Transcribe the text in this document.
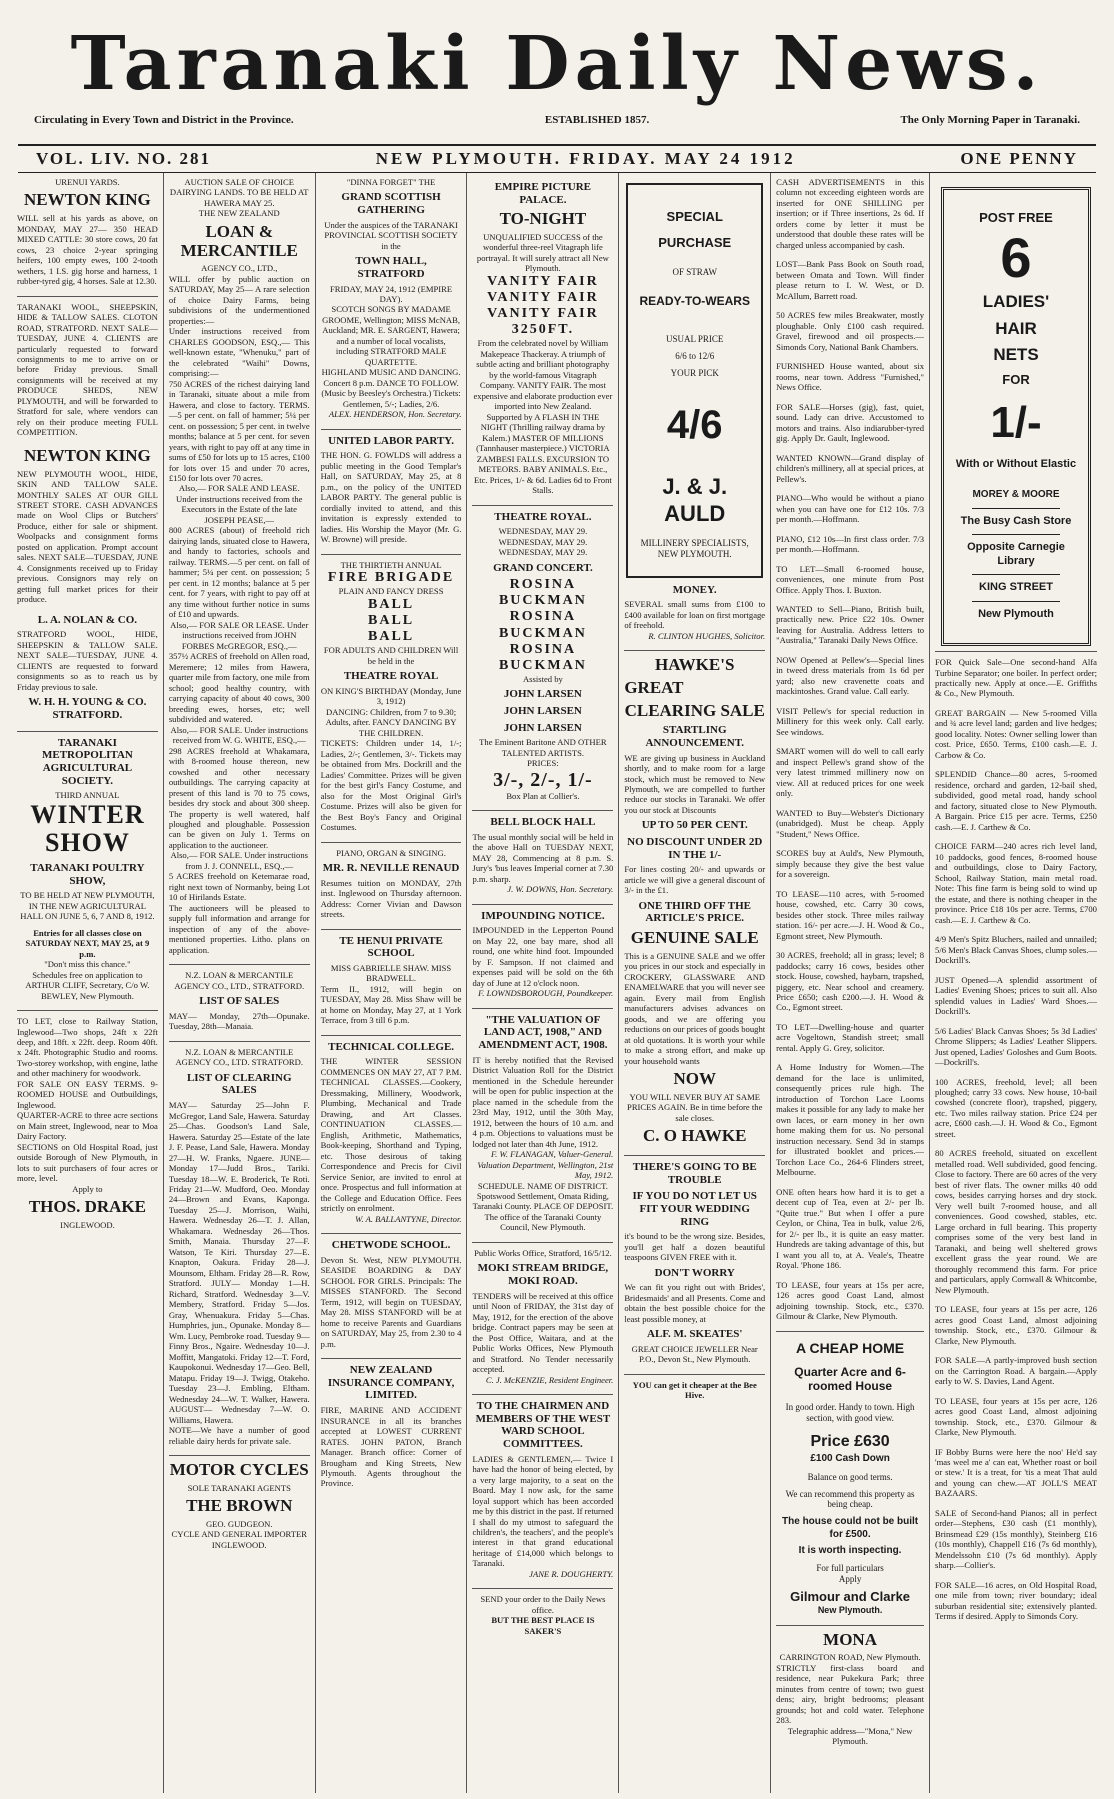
Taranaki Daily News.
Circulating in Every Town and District in the Province.	ESTABLISHED 1857.	The Only Morning Paper in Taranaki.
VOL. LIV. NO. 281	NEW PLYMOUTH. FRIDAY. MAY 24 1912	ONE PENNY
URENUI YARDS.
NEWTON KING

WILL sell at his yards as above, on MONDAY, MAY 27— 350 HEAD MIXED CATTLE: 30 store cows, 20 fat cows, 23 choice 2-year springing heifers, 100 empty ewes, 100 2-tooth wethers, 1 I.S. gig horse and harness, 1 rubber-tyred gig, 4 horses. Sale at 12.30.

TARANAKI WOOL, SHEEPSKIN, HIDE & TALLOW SALES. CLOTON ROAD, STRATFORD. NEXT SALE—TUESDAY, JUNE 4. CLIENTS are particularly requested to forward consignments to me to arrive on or before Friday previous. Small consignments will be received at my PRODUCE SHEDS, NEW PLYMOUTH, and will be forwarded to Stratford for sale, where vendors can rely on their produce meeting FULL COMPETITION.

NEWTON KING

NEW PLYMOUTH WOOL, HIDE, SKIN AND TALLOW SALE. MONTHLY SALES AT OUR GILL STREET STORE. CASH ADVANCES made on Wool Clips or Butchers' Produce, either for sale or shipment. Woolpacks and consignment forms posted on application. Prompt account sales. NEXT SALE—TUESDAY, JUNE 4. Consignments received up to Friday previous. Consignors may rely on getting full market prices for their produce.

L. A. NOLAN & CO.

STRATFORD WOOL, HIDE, SHEEPSKIN & TALLOW SALE. NEXT SALE—TUESDAY, JUNE 4. CLIENTS are requested to forward consignments so as to reach us by Friday previous to sale.

W. H. H. YOUNG & CO. STRATFORD.
TARANAKI METROPOLITAN AGRICULTURAL SOCIETY.
THIRD ANNUAL
WINTER SHOW
TARANAKI POULTRY SHOW,
TO BE HELD AT NEW PLYMOUTH, IN THE NEW AGRICULTURAL HALL ON JUNE 5, 6, 7 AND 8, 1912.
Entries for all classes close on SATURDAY NEXT, MAY 25, at 9 p.m.
"Don't miss this chance."
Schedules free on application to ARTHUR CLIFF, Secretary, C/o W. BEWLEY, New Plymouth.

TO LET, close to Railway Station, Inglewood—Two shops, 24ft x 22ft deep, and 18ft. x 22ft. deep. Room 40ft. x 24ft. Photographic Studio and rooms. Two-storey workshop, with engine, lathe and other machinery for woodwork.

FOR SALE ON EASY TERMS. 9-ROOMED HOUSE and Outbuildings, Inglewood.

QUARTER-ACRE to three acre sections on Main street, Inglewood, near to Moa Dairy Factory.

SECTIONS on Old Hospital Road, just outside Borough of New Plymouth, in lots to suit purchasers of four acres or more, level.

Apply to
THOS. DRAKE
INGLEWOOD.
AUCTION SALE OF CHOICE DAIRYING LANDS. TO BE HELD AT HAWERA MAY 25.
THE NEW ZEALAND
LOAN & MERCANTILE
AGENCY CO., LTD.,

WILL offer by public auction on SATURDAY, May 25— A rare selection of choice Dairy Farms, being subdivisions of the undermentioned properties:—

Under instructions received from CHARLES GOODSON, ESQ.,— This well-known estate, "Whenuku," part of the celebrated "Waihi" Downs, comprising:—

750 ACRES of the richest dairying land in Taranaki, situate about a mile from Hawera, and close to factory. TERMS.—5 per cent. on fall of hammer; 5¼ per cent. on possession; 5 per cent. in twelve months; balance at 5 per cent. for seven years, with right to pay off at any time in sums of £50 for lots up to 15 acres, £100 for lots over 15 and under 70 acres, £150 for lots over 70 acres.

Also,— FOR SALE AND LEASE. Under instructions received from the Executors in the Estate of the late JOSEPH PEASE,—

800 ACRES (about) of freehold rich dairying lands, situated close to Hawera, and handy to factories, schools and railway. TERMS.—5 per cent. on fall of hammer; 5¼ per cent. on possession; 5 per cent. in 12 months; balance at 5 per cent. for 7 years, with right to pay off at any time without further notice in sums of £10 and upwards.

Also,— FOR SALE OR LEASE. Under instructions received from JOHN FORBES McGREGOR, ESQ.,—

357½ ACRES of freehold on Allen road, Meremere; 12 miles from Hawera, quarter mile from factory, one mile from school; good healthy country, with carrying capacity of about 40 cows, 300 breeding ewes, horses, etc; well subdivided and watered.

Also,— FOR SALE. Under instructions received from W. G. WHITE, ESQ.,—

298 ACRES freehold at Whakamara, with 8-roomed house thereon, new cowshed and other necessary outbuildings. The carrying capacity at present of this land is 70 to 75 cows, besides dry stock and about 300 sheep. The property is well watered, half ploughed and ploughable. Possession can be given on July 1. Terms on application to the auctioneer.

Also,— FOR SALE. Under instructions from J. J. CONNELL, ESQ.,—

5 ACRES freehold on Ketemarae road, right next town of Normanby, being Lot 10 of Hirilands Estate.

The auctioneers will be pleased to supply full information and arrange for inspection of any of the above-mentioned properties. Litho. plans on application.

N.Z. LOAN & MERCANTILE AGENCY CO., LTD., STRATFORD.
LIST OF SALES

MAY— Monday, 27th—Opunake. Tuesday, 28th—Manaia.

N.Z. LOAN & MERCANTILE AGENCY CO., LTD. STRATFORD.
LIST OF CLEARING SALES

MAY— Saturday 25—John F. McGregor, Land Sale, Hawera. Saturday 25—Chas. Goodson's Land Sale, Hawera. Saturday 25—Estate of the late J. F. Pease, Land Sale, Hawera. Monday 27—H. W. Franks, Ngaere. JUNE— Monday 17—Judd Bros., Tariki. Tuesday 18—W. E. Broderick, Te Roti. Friday 21—W. Mudford, Oeo. Monday 24—Brown and Evans, Kaponga. Tuesday 25—J. Morrison, Waihi, Hawera. Wednesday 26—T. J. Allan, Whakamara. Wednesday 26—Thos. Smith, Manaia. Thursday 27—F. Watson, Te Kiri. Thursday 27—E. Knapton, Oakura. Friday 28—J. Mounsom, Eltham. Friday 28—R. Row, Stratford. JULY— Monday 1—H. Richard, Stratford. Wednesday 3—V. Membery, Stratford. Friday 5—Jos. Gray, Whenuakura. Friday 5—Chas. Humphries, jun., Opunake. Monday 8—Wm. Lucy, Pembroke road. Tuesday 9—Finny Bros., Ngaire. Wednesday 10—J. Moffitt, Mangatoki. Friday 12—T. Ford, Kaupokonui. Wednesday 17—Geo. Bell, Matapu. Friday 19—J. Twigg, Otakeho. Tuesday 23—J. Embling, Eltham. Wednesday 24—W. T. Walker, Hawera. AUGUST— Wednesday 7—W. O. Williams, Hawera.

NOTE—We have a number of good reliable dairy herds for private sale.

MOTOR CYCLES
SOLE TARANAKI AGENTS
THE BROWN
GEO. GUDGEON.
CYCLE AND GENERAL IMPORTER INGLEWOOD.
"DINNA FORGET" THE
GRAND SCOTTISH GATHERING
Under the auspices of the TARANAKI PROVINCIAL SCOTTISH SOCIETY in the
TOWN HALL, STRATFORD
FRIDAY, MAY 24, 1912 (EMPIRE DAY).

SCOTCH SONGS BY MADAME GROOME, Wellington; MISS McNAB, Auckland; MR. E. SARGENT, Hawera; and a number of local vocalists, including STRATFORD MALE QUARTETTE.

HIGHLAND MUSIC AND DANCING. Concert 8 p.m. DANCE TO FOLLOW. (Music by Beesley's Orchestra.) Tickets: Gentlemen, 5/-; Ladies, 2/6.

ALEX. HENDERSON, Hon. Secretary.

UNITED LABOR PARTY.

THE HON. G. FOWLDS will address a public meeting in the Good Templar's Hall, on SATURDAY, May 25, at 8 p.m., on the policy of the UNITED LABOR PARTY. The general public is cordially invited to attend, and this invitation is expressly extended to ladies. His Worship the Mayor (Mr. G. W. Browne) will preside.

THE THIRTIETH ANNUAL
FIRE BRIGADE
PLAIN AND FANCY DRESS
BALL
BALL
BALL
FOR ADULTS AND CHILDREN Will be held in the
THEATRE ROYAL
ON KING'S BIRTHDAY (Monday, June 3, 1912)

DANCING: Children, from 7 to 9.30; Adults, after. FANCY DANCING BY THE CHILDREN.

TICKETS: Children under 14, 1/-; Ladies, 2/-; Gentlemen, 3/-. Tickets may be obtained from Mrs. Dockrill and the Ladies' Committee. Prizes will be given for the best girl's Fancy Costume, and also for the Most Original Girl's Costume. Prizes will also be given for the Best Boy's Fancy and Original Costumes.

PIANO, ORGAN & SINGING.
MR. R. NEVILLE RENAUD

Resumes tuition on MONDAY, 27th inst. Inglewood on Thursday afternoon. Address: Corner Vivian and Dawson streets.

TE HENUI PRIVATE SCHOOL
MISS GABRIELLE SHAW. MISS BRADWELL.

Term II., 1912, will begin on TUESDAY, May 28. Miss Shaw will be at home on Monday, May 27, at 1 York Terrace, from 3 till 6 p.m.

TECHNICAL COLLEGE.

THE WINTER SESSION COMMENCES ON MAY 27, AT 7 P.M. TECHNICAL CLASSES.—Cookery, Dressmaking, Millinery, Woodwork, Plumbing, Mechanical and Trade Drawing, and Art Classes. CONTINUATION CLASSES.—English, Arithmetic, Mathematics, Book-keeping, Shorthand and Typing, etc. Those desirous of taking Correspondence and Precis for Civil Service Senior, are invited to enrol at once. Prospectus and full information at the College and Education Office. Fees strictly on enrolment.

W. A. BALLANTYNE, Director.

CHETWODE SCHOOL.

Devon St. West, NEW PLYMOUTH. SEASIDE BOARDING & DAY SCHOOL FOR GIRLS. Principals: The MISSES STANFORD. The Second Term, 1912, will begin on TUESDAY, May 28. MISS STANFORD will be at home to receive Parents and Guardians on SATURDAY, May 25, from 2.30 to 4 p.m.

NEW ZEALAND INSURANCE COMPANY, LIMITED.

FIRE, MARINE AND ACCIDENT INSURANCE in all its branches accepted at LOWEST CURRENT RATES. JOHN PATON, Branch Manager. Branch office: Corner of Brougham and King Streets, New Plymouth. Agents throughout the Province.

EMPIRE PICTURE PALACE.
TO-NIGHT

UNQUALIFIED SUCCESS of the wonderful three-reel Vitagraph life portrayal. It will surely attract all New Plymouth.

VANITY FAIR
VANITY FAIR
VANITY FAIR
3250FT.

From the celebrated novel by William Makepeace Thackeray. A triumph of subtle acting and brilliant photography by the world-famous Vitagraph Company. VANITY FAIR. The most expensive and elaborate production ever imported into New Zealand.

Supported by A FLASH IN THE NIGHT (Thrilling railway drama by Kalem.) MASTER OF MILLIONS (Tannhauser masterpiece.) VICTORIA ZAMBESI FALLS. EXCURSION TO METEORS. BABY ANIMALS. Etc., Etc. Prices, 1/- & 6d. Ladies 6d to Front Stalls.

THEATRE ROYAL.
WEDNESDAY, MAY 29.
WEDNESDAY, MAY 29.
WEDNESDAY, MAY 29.
GRAND CONCERT.
ROSINA BUCKMAN
ROSINA BUCKMAN
ROSINA BUCKMAN
Assisted by
JOHN LARSEN
JOHN LARSEN
JOHN LARSEN
The Eminent Baritone AND OTHER TALENTED ARTISTS.
PRICES:
3/-, 2/-, 1/-
Box Plan at Collier's.
BELL BLOCK HALL

The usual monthly social will be held in the above Hall on TUESDAY NEXT, MAY 28, Commencing at 8 p.m. S. Jury's 'bus leaves Imperial corner at 7.30 p.m. sharp.

J. W. DOWNS, Hon. Secretary.

IMPOUNDING NOTICE.

IMPOUNDED in the Lepperton Pound on May 22, one bay mare, shod all round, one white hind foot. Impounded by F. Sampson. If not claimed and expenses paid will be sold on the 6th day of June at 12 o'clock noon.

F. LOWNDSBOROUGH, Poundkeeper.

"THE VALUATION OF LAND ACT, 1908," AND AMENDMENT ACT, 1908.

IT is hereby notified that the Revised District Valuation Roll for the District mentioned in the Schedule hereunder will be open for public inspection at the place named in the schedule from the 23rd May, 1912, until the 30th May, 1912, between the hours of 10 a.m. and 4 p.m. Objections to valuations must be lodged not later than 4th June, 1912.

F. W. FLANAGAN, Valuer-General. Valuation Department, Wellington, 21st May, 1912.

SCHEDULE. NAME OF DISTRICT. Spotswood Settlement, Omata Riding, Taranaki County. PLACE OF DEPOSIT. The office of the Taranaki County Council, New Plymouth.

Public Works Office, Stratford, 16/5/12.
MOKI STREAM BRIDGE, MOKI ROAD.

TENDERS will be received at this office until Noon of FRIDAY, the 31st day of May, 1912, for the erection of the above bridge. Contract papers may be seen at the Post Office, Waitara, and at the Public Works Offices, New Plymouth and Stratford. No Tender necessarily accepted.

C. J. McKENZIE, Resident Engineer.

TO THE CHAIRMEN AND MEMBERS OF THE WEST WARD SCHOOL COMMITTEES.

LADIES & GENTLEMEN,— Twice I have had the honor of being elected, by a very large majority, to a seat on the Board. May I now ask, for the same loyal support which has been accorded me by this district in the past. If returned I shall do my utmost to safeguard the children's, the teachers', and the people's interest in that grand educational heritage of £14,000 which belongs to Taranaki.

JANE R. DOUGHERTY.

SEND your order to the Daily News office.

BUT THE BEST PLACE IS SAKER'S

SPECIAL
PURCHASE
OF STRAW
READY-TO-WEARS
USUAL PRICE
6/6 to 12/6
YOUR PICK
4/6
J. & J. AULD
MILLINERY SPECIALISTS, NEW PLYMOUTH.
MONEY.

SEVERAL small sums from £100 to £400 available for loan on first mortgage of freehold.

R. CLINTON HUGHES, Solicitor.

HAWKE'S
GREAT
CLEARING SALE
STARTLING ANNOUNCEMENT.

WE are giving up business in Auckland shortly, and to make room for a large stock, which must be removed to New Plymouth, we are compelled to further reduce our stocks in Taranaki. We offer you our stock at Discounts

UP TO 50 PER CENT.
NO DISCOUNT UNDER 2D IN THE 1/-

For lines costing 20/- and upwards or article we will give a general discount of 3/- in the £1.

ONE THIRD OFF THE ARTICLE'S PRICE.
GENUINE SALE

This is a GENUINE SALE and we offer you prices in our stock and especially in CROCKERY, GLASSWARE AND ENAMELWARE that you will never see again. Every mail from English manufacturers advises advances on goods, and we are offering you reductions on our prices of goods bought at old quotations. It is worth your while to make a strong effort, and make up your household wants

NOW

YOU WILL NEVER BUY AT SAME PRICES AGAIN. Be in time before the sale closes.

C. O HAWKE
THERE'S GOING TO BE TROUBLE
IF YOU DO NOT LET US FIT YOUR WEDDING RING

it's bound to be the wrong size. Besides, you'll get half a dozen beautiful teaspoons GIVEN FREE with it.

DON'T WORRY

We can fit you right out with Brides', Bridesmaids' and all Presents. Come and obtain the best possible choice for the least possible money, at

ALF. M. SKEATES'
GREAT CHOICE JEWELLER Near P.O., Devon St., New Plymouth.

YOU can get it cheaper at the Bee Hive.

CASH ADVERTISEMENTS in this column not exceeding eighteen words are inserted for ONE SHILLING per insertion; or if Three insertions, 2s 6d. If orders come by letter it must be understood that double these rates will be charged unless accompanied by cash.

LOST—Bank Pass Book on South road, between Omata and Town. Will finder please return to I. W. West, or D. McAllum, Barrett road.

50 ACRES few miles Breakwater, mostly ploughable. Only £100 cash required. Gravel, firewood and oil prospects.—Simonds Cory, National Bank Chambers.

FURNISHED House wanted, about six rooms, near town. Address "Furnished," News Office.

FOR SALE—Horses (gig), fast, quiet, sound. Lady can drive. Accustomed to motors and trains. Also indiarubber-tyred gig. Apply Dr. Gault, Inglewood.

WANTED KNOWN—Grand display of children's millinery, all at special prices, at Pellew's.

PIANO—Who would be without a piano when you can have one for £12 10s. 7/3 per month.—Hoffmann.

PIANO, £12 10s—In first class order. 7/3 per month.—Hoffmann.

TO LET—Small 6-roomed house, conveniences, one minute from Post Office. Apply Thos. I. Buxton.

WANTED to Sell—Piano, British built, practically new. Price £22 10s. Owner leaving for Australia. Address letters to "Australia," Taranaki Daily News Office.

NOW Opened at Pellew's—Special lines in tweed dress materials from 1s 6d per yard; also new cravenette coats and mackintoshes. Grand value. Call early.

VISIT Pellew's for special reduction in Millinery for this week only. Call early. See windows.

SMART women will do well to call early and inspect Pellew's grand show of the very latest trimmed millinery now on view. All at reduced prices for one week only.

WANTED to Buy—Webster's Dictionary (unabridged). Must be cheap. Apply "Student," News Office.

SCORES buy at Auld's, New Plymouth, simply because they give the best value for a sovereign.

TO LEASE—110 acres, with 5-roomed house, cowshed, etc. Carry 30 cows, besides other stock. Three miles railway station. 16/- per acre.—J. H. Wood & Co., Egmont street, New Plymouth.

30 ACRES, freehold; all in grass; level; 8 paddocks; carry 16 cows, besides other stock. House, cowshed, haybarn, trapshed, piggery, etc. Near school and creamery. Price £650; cash £200.—J. H. Wood & Co., Egmont street.

TO LET—Dwelling-house and quarter acre Vogeltown, Standish street; small rental. Apply G. Grey, solicitor.

A Home Industry for Women.—The demand for the lace is unlimited, consequently prices rule high. The introduction of Torchon Lace Looms makes it possible for any lady to make her own laces, or earn money in her own home making them for us. No personal instruction necessary. Send 3d in stamps for illustrated booklet and prices.—Torchon Lace Co., 264-6 Flinders street, Melbourne.

ONE often hears how hard it is to get a decent cup of Tea, even at 2/- per lb. "Quite true." But when I offer a pure Ceylon, or China, Tea in bulk, value 2/6, for 2/- per lb., it is quite an easy matter. Hundreds are taking advantage of this, but I want you all to, at A. Veale's, Theatre Royal. 'Phone 186.

TO LEASE, four years at 15s per acre, 126 acres good Coast Land, almost adjoining township. Stock, etc., £370. Gilmour & Clarke, New Plymouth.

A CHEAP HOME
Quarter Acre and 6-roomed House
In good order. Handy to town. High section, with good view.
Price £630
£100 Cash Down
Balance on good terms.
We can recommend this property as being cheap.
The house could not be built for £500.
It is worth inspecting.
For full particulars
Apply
Gilmour and Clarke
New Plymouth.
MONA
CARRINGTON ROAD, New Plymouth.

STRICTLY first-class board and residence, near Pukekura Park; three minutes from centre of town; two guest dens; airy, bright bedrooms; pleasant grounds; hot and cold water. Telephone 283.

Telegraphic address—"Mona," New Plymouth.

POST FREE
6
LADIES'
HAIR
NETS
FOR
1/-
With or Without Elastic
MOREY & MOORE
The Busy Cash Store
Opposite Carnegie Library
KING STREET
New Plymouth

FOR Quick Sale—One second-hand Alfa Turbine Separator; one boiler. In perfect order; practically new. Apply at once.—E. Griffiths & Co., New Plymouth.

GREAT BARGAIN — New 5-roomed Villa and ¾ acre level land; garden and live hedges; good locality. Notes: Owner selling lower than cost. Price, £650. Terms, £100 cash.—E. J. Carbow & Co.

SPLENDID Chance—80 acres, 5-roomed residence, orchard and garden, 12-bail shed, subdivided, good metal road, handy school and factory, situated close to New Plymouth. A Bargain. Price £15 per acre. Terms, £250 cash.—E. J. Carthew & Co.

CHOICE FARM—240 acres rich level land, 10 paddocks, good fences, 8-roomed house and outbuildings, close to Dairy Factory, School, Railway Station, main metal road. Note: This fine farm is being sold to wind up the estate, and there is nothing cheaper in the province. Price £18 10s per acre. Terms, £700 cash.—E. J. Carthew & Co.

4/9 Men's Spitz Bluchers, nailed and unnailed; 5/6 Men's Black Canvas Shoes, clump soles.—Dockrill's.

JUST Opened—A splendid assortment of Ladies' Evening Shoes; prices to suit all. Also splendid values in Ladies' Ward Shoes.—Dockrill's.

5/6 Ladies' Black Canvas Shoes; 5s 3d Ladies' Chrome Slippers; 4s Ladies' Leather Slippers. Just opened, Ladies' Goloshes and Gum Boots.—Dockrill's.

100 ACRES, freehold, level; all been ploughed; carry 33 cows. New house, 10-bail cowshed (concrete floor), trapshed, piggery, etc. Two miles railway station. Price £24 per acre, £600 cash.—J. H. Wood & Co., Egmont street.

80 ACRES freehold, situated on excellent metalled road. Well subdivided, good fencing. Close to factory. There are 60 acres of the very best of river flats. The owner milks 40 odd cows, besides carrying horses and dry stock. Very well built 7-roomed house, and all conveniences. Good cowshed, stables, etc. Large orchard in full bearing. This property comprises some of the very best land in Taranaki, and being well sheltered grows excellent grass the year round. We are thoroughly recommend this farm. For price and particulars, apply Cornwall & Whitcombe, New Plymouth.

TO LEASE, four years at 15s per acre, 126 acres good Coast Land, almost adjoining township. Stock, etc., £370. Gilmour & Clarke, New Plymouth.

FOR SALE—A partly-improved bush section on the Carrington Road. A bargain.—Apply early to W. S. Davies, Land Agent.

TO LEASE, four years at 15s per acre, 126 acres good Coast Land, almost adjoining township. Stock, etc., £370. Gilmour & Clarke, New Plymouth.

IF Bobby Burns were here the noo' He'd say 'mas weel me a' can eat, Whether roast or boil or stew.' It is a treat, for 'tis a meat That auld and young can chew.—AT JOLL'S MEAT BAZAARS.

SALE of Second-hand Pianos; all in perfect order—Stephens, £30 cash (£1 monthly), Brinsmead £29 (15s monthly), Steinberg £16 (10s monthly), Chappell £16 (7s 6d monthly), Mendelssohn £10 (7s 6d monthly). Apply sharp.—Collier's.

FOR SALE—16 acres, on Old Hospital Road, one mile from town; river boundary; ideal suburban residential site; extensively planted. Terms if desired. Apply to Simonds Cory.
